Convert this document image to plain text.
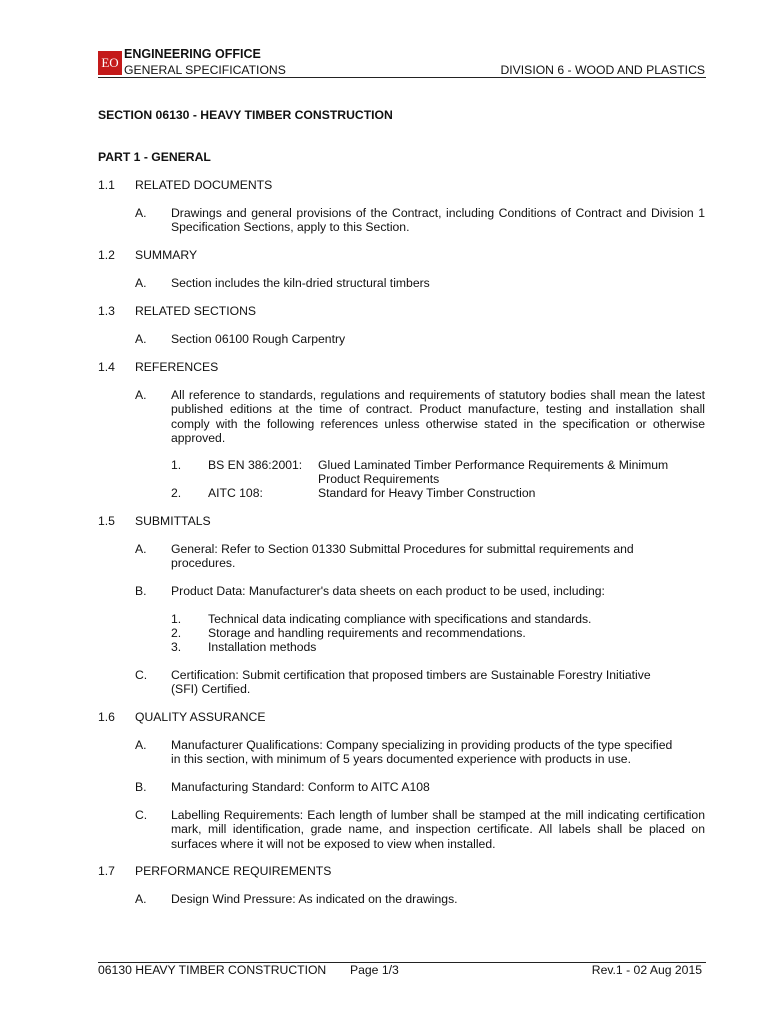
EO
ENGINEERING OFFICE
GENERAL SPECIFICATIONS	DIVISION 6 - WOOD AND PLASTICS
SECTION 06130 - HEAVY TIMBER CONSTRUCTION
PART 1 - GENERAL
1.1 RELATED DOCUMENTS
A. Drawings and general provisions of the Contract, including Conditions of Contract and Division 1 Specification Sections, apply to this Section.
1.2 SUMMARY
A. Section includes the kiln-dried structural timbers
1.3 RELATED SECTIONS
A. Section 06100 Rough Carpentry
1.4 REFERENCES
A. All reference to standards, regulations and requirements of statutory bodies shall mean the latest published editions at the time of contract. Product manufacture, testing and installation shall comply with the following references unless otherwise stated in the specification or otherwise approved.
1. BS EN 386:2001: Glued Laminated Timber Performance Requirements & Minimum
Product Requirements
2. AITC 108:	Standard for Heavy Timber Construction
1.5 SUBMITTALS
A. General: Refer to Section 01330 Submittal Procedures for submittal requirements and
procedures.
B. Product Data: Manufacturer's data sheets on each product to be used, including:
1. Technical data indicating compliance with specifications and standards.
2. Storage and handling requirements and recommendations.
3. Installation methods
C. Certification: Submit certification that proposed timbers are Sustainable Forestry Initiative
(SFI) Certified.
1.6 QUALITY ASSURANCE
A. Manufacturer Qualifications: Company specializing in providing products of the type specified
in this section, with minimum of 5 years documented experience with products in use.
B. Manufacturing Standard: Conform to AITC A108
C. Labelling Requirements: Each length of lumber shall be stamped at the mill indicating certification mark, mill identification, grade name, and inspection certificate. All labels shall be placed on surfaces where it will not be exposed to view when installed.
1.7 PERFORMANCE REQUIREMENTS
A. Design Wind Pressure: As indicated on the drawings.
06130 HEAVY TIMBER CONSTRUCTION Page 1/3	Rev.1 - 02 Aug 2015
